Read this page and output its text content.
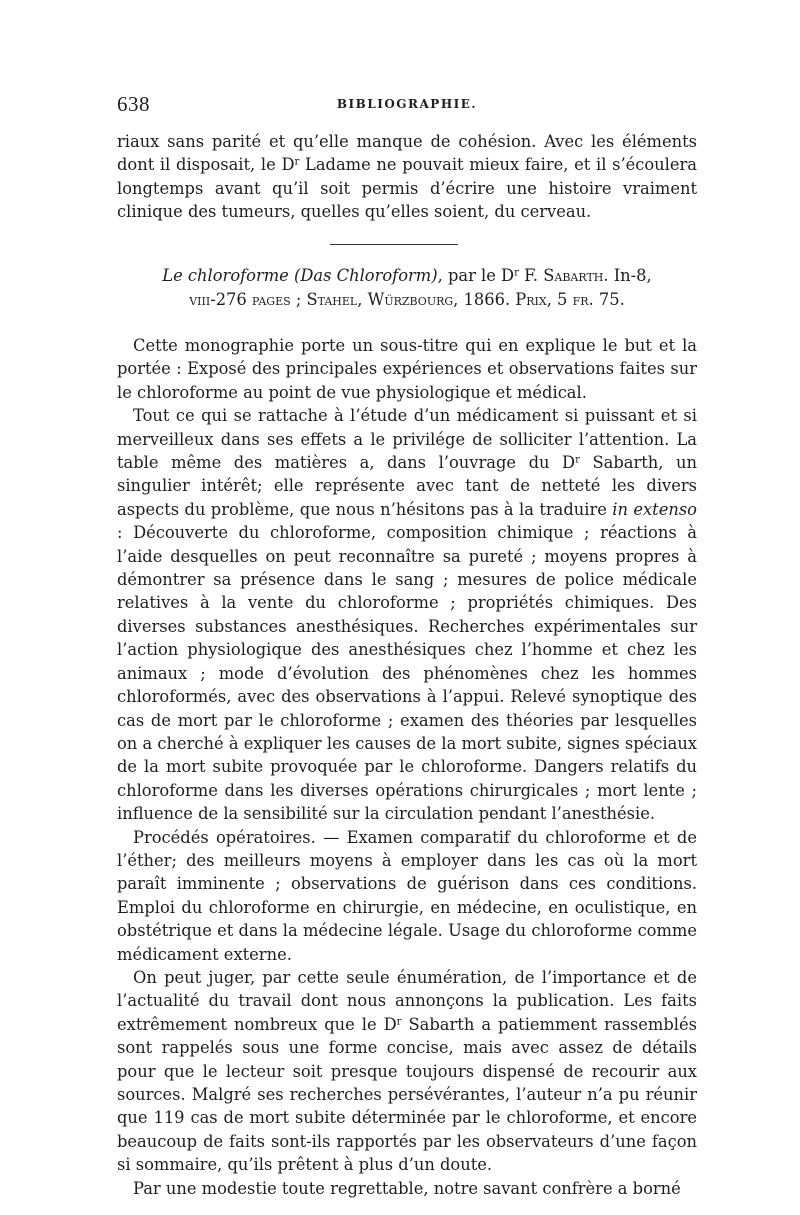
638	BIBLIOGRAPHIE.

riaux sans parité et qu’elle manque de cohésion. Avec les éléments dont il disposait, le $D^r$ Ladame ne pouvait mieux faire, et il s’écoulera longtemps avant qu’il soit permis d’écrire une histoire vraiment clinique des tumeurs, quelles qu’elles soient, du cerveau.

Le chloroforme (Das Chloroform), par le $D^r$ F. Sabarth. In-8,
viii-276 pages ; Stahel, Würzbourg, 1866. Prix, 5 fr. 75.

Cette monographie porte un sous-titre qui en explique le but et la portée : Exposé des principales expériences et observations faites sur le chloroforme au point de vue physiologique et médical.

Tout ce qui se rattache à l’étude d’un médicament si puissant et si merveilleux dans ses effets a le privilége de solliciter l’attention. La table même des matières a, dans l’ouvrage du $D^r$ Sabarth, un singulier intérêt; elle représente avec tant de netteté les divers aspects du problème, que nous n’hésitons pas à la traduire in extenso : Découverte du chloroforme, composition chimique ; réactions à l’aide desquelles on peut reconnaître sa pureté ; moyens propres à démontrer sa présence dans le sang ; mesures de police médicale relatives à la vente du chloroforme ; propriétés chimiques. Des diverses substances anesthésiques. Recherches expérimentales sur l’action physiologique des anesthésiques chez l’homme et chez les animaux ; mode d’évolution des phénomènes chez les hommes chloroformés, avec des observations à l’appui. Relevé synoptique des cas de mort par le chloroforme ; examen des théories par lesquelles on a cherché à expliquer les causes de la mort subite, signes spéciaux de la mort subite provoquée par le chloroforme. Dangers relatifs du chloroforme dans les diverses opérations chirurgicales ; mort lente ; influence de la sensibilité sur la circulation pendant l’anesthésie.

Procédés opératoires. — Examen comparatif du chloroforme et de l’éther; des meilleurs moyens à employer dans les cas où la mort paraît imminente ; observations de guérison dans ces conditions. Emploi du chloroforme en chirurgie, en médecine, en oculistique, en obstétrique et dans la médecine légale. Usage du chloroforme comme médicament externe.

On peut juger, par cette seule énumération, de l’importance et de l’actualité du travail dont nous annonçons la publication. Les faits extrêmement nombreux que le $D^r$ Sabarth a patiemment rassemblés sont rappelés sous une forme concise, mais avec assez de détails pour que le lecteur soit presque toujours dispensé de recourir aux sources. Malgré ses recherches persévérantes, l’auteur n’a pu réunir que 119 cas de mort subite déterminée par le chloroforme, et encore beaucoup de faits sont-ils rapportés par les observateurs d’une façon si sommaire, qu’ils prêtent à plus d’un doute.

Par une modestie toute regrettable, notre savant confrère a borné
